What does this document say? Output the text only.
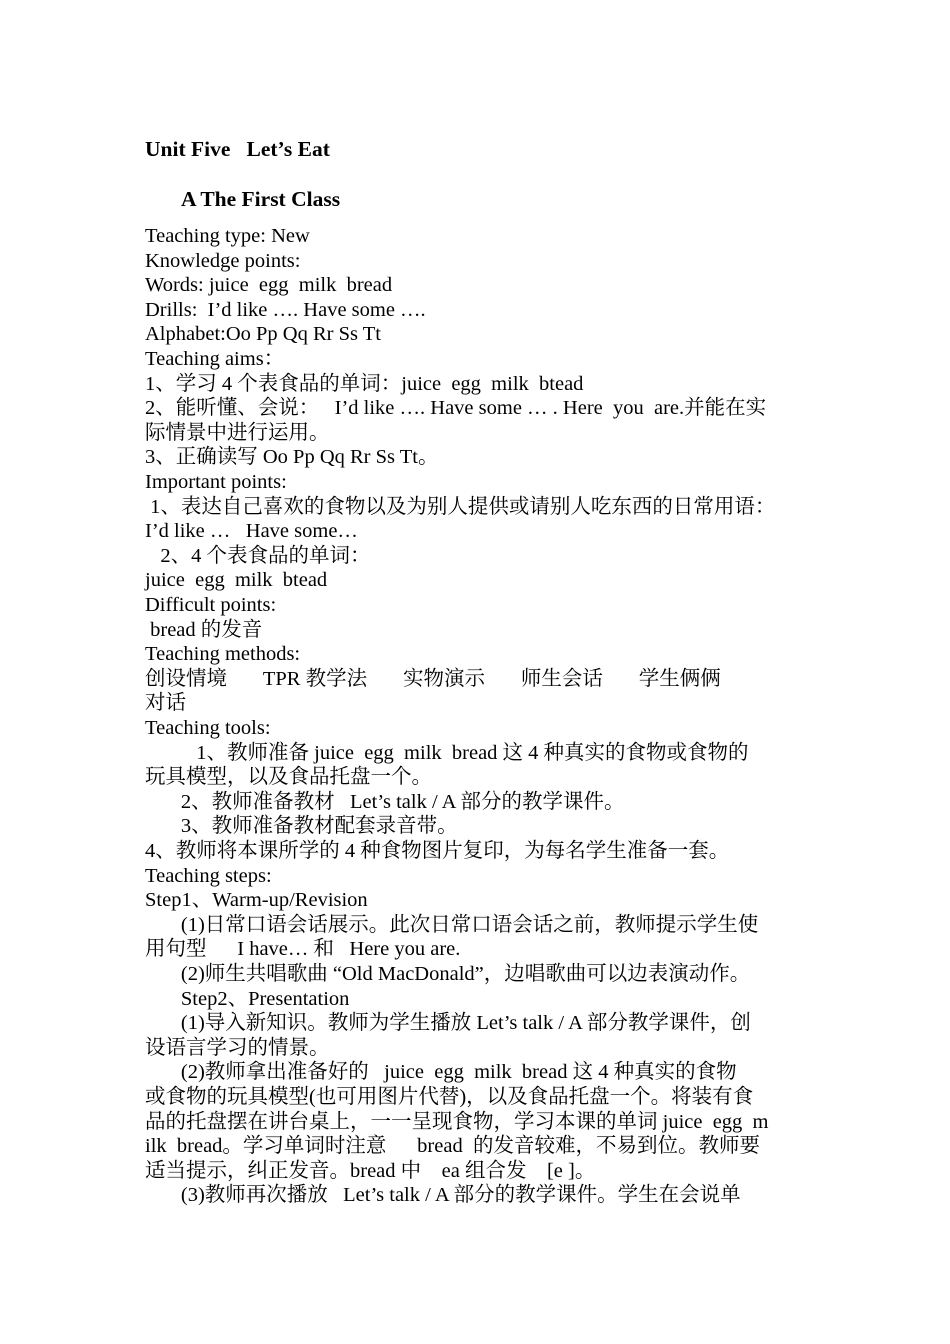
Unit Five   Let’s Eat
A The First Class
Teaching type: New
Knowledge points:
Words: juice  egg  milk  bread
Drills:  I’d like …. Have some ….
Alphabet:Oo Pp Qq Rr Ss Tt
Teaching aims：
1、学习 4 个表食品的单词：juice  egg  milk  btead
2、能听懂、会说：   I’d like …. Have some … . Here  you  are.并能在实
际情景中进行运用。
3、正确读写 Oo Pp Qq Rr Ss Tt。
Important points:
1、表达自己喜欢的食物以及为别人提供或请别人吃东西的日常用语：
I’d like …   Have some…
2、4 个表食品的单词：
juice  egg  milk  btead
Difficult points:
bread 的发音
Teaching methods:
创设情境       TPR 教学法       实物演示       师生会话       学生俩俩
对话
Teaching tools:
1、教师准备 juice  egg  milk  bread 这 4 种真实的食物或食物的
玩具模型，以及食品托盘一个。
2、教师准备教材   Let’s talk / A 部分的教学课件。
3、教师准备教材配套录音带。
4、教师将本课所学的 4 种食物图片复印，为每名学生准备一套。
Teaching steps:
Step1、Warm-up/Revision
(1)日常口语会话展示。此次日常口语会话之前，教师提示学生使
用句型      I have… 和   Here you are.
(2)师生共唱歌曲 “Old MacDonald”，边唱歌曲可以边表演动作。
Step2、Presentation
(1)导入新知识。教师为学生播放 Let’s talk / A 部分教学课件，创
设语言学习的情景。
(2)教师拿出准备好的   juice  egg  milk  bread 这 4 种真实的食物
或食物的玩具模型(也可用图片代替)，以及食品托盘一个。将装有食
品的托盘摆在讲台桌上，一一呈现食物，学习本课的单词 juice  egg  m
ilk  bread。学习单词时注意      bread  的发音较难，不易到位。教师要
适当提示，纠正发音。bread 中    ea 组合发    [e ]。
(3)教师再次播放   Let’s talk / A 部分的教学课件。学生在会说单
